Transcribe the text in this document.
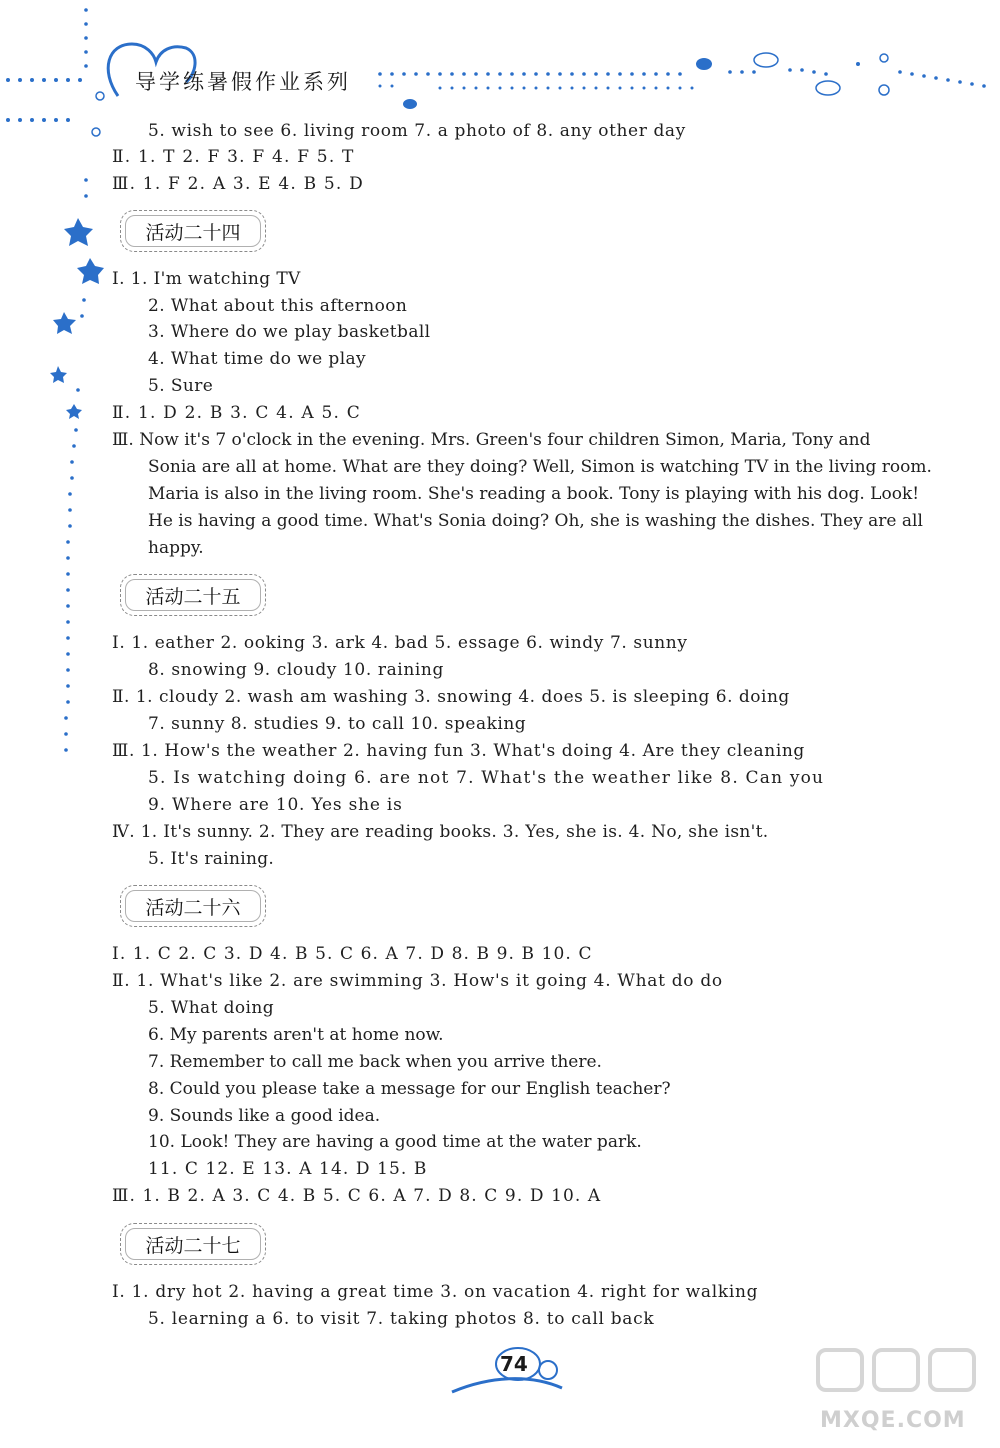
导学练暑假作业系列
5. wish to see 6. living room 7. a photo of 8. any other day
Ⅱ. 1. T 2. F 3. F 4. F 5. T
Ⅲ. 1. F 2. A 3. E 4. B 5. D
Ⅰ. 1. I'm watching TV
2. What about this afternoon
3. Where do we play basketball
4. What time do we play
5. Sure
Ⅱ. 1. D 2. B 3. C 4. A 5. C
Ⅲ. Now it's 7 o'clock in the evening. Mrs. Green's four children Simon, Maria, Tony and
Sonia are all at home. What are they doing? Well, Simon is watching TV in the living room.
Maria is also in the living room. She's reading a book. Tony is playing with his dog. Look!
He is having a good time. What's Sonia doing? Oh, she is washing the dishes. They are all
happy.
Ⅰ. 1. eather 2. ooking 3. ark 4. bad 5. essage 6. windy 7. sunny
8. snowing 9. cloudy 10. raining
Ⅱ. 1. cloudy 2. wash am washing 3. snowing 4. does 5. is sleeping 6. doing
7. sunny 8. studies 9. to call 10. speaking
Ⅲ. 1. How's the weather 2. having fun 3. What's doing 4. Are they cleaning
5. Is watching doing 6. are not 7. What's the weather like 8. Can you
9. Where are 10. Yes she is
Ⅳ. 1. It's sunny. 2. They are reading books. 3. Yes, she is. 4. No, she isn't.
5. It's raining.
Ⅰ. 1. C 2. C 3. D 4. B 5. C 6. A 7. D 8. B 9. B 10. C
Ⅱ. 1. What's like 2. are swimming 3. How's it going 4. What do do
5. What doing
6. My parents aren't at home now.
7. Remember to call me back when you arrive there.
8. Could you please take a message for our English teacher?
9. Sounds like a good idea.
10. Look! They are having a good time at the water park.
11. C 12. E 13. A 14. D 15. B
Ⅲ. 1. B 2. A 3. C 4. B 5. C 6. A 7. D 8. C 9. D 10. A
Ⅰ. 1. dry hot 2. having a great time 3. on vacation 4. right for walking
5. learning a 6. to visit 7. taking photos 8. to call back
活动二十四
活动二十五
活动二十六
活动二十七
74
MXQE.COM
